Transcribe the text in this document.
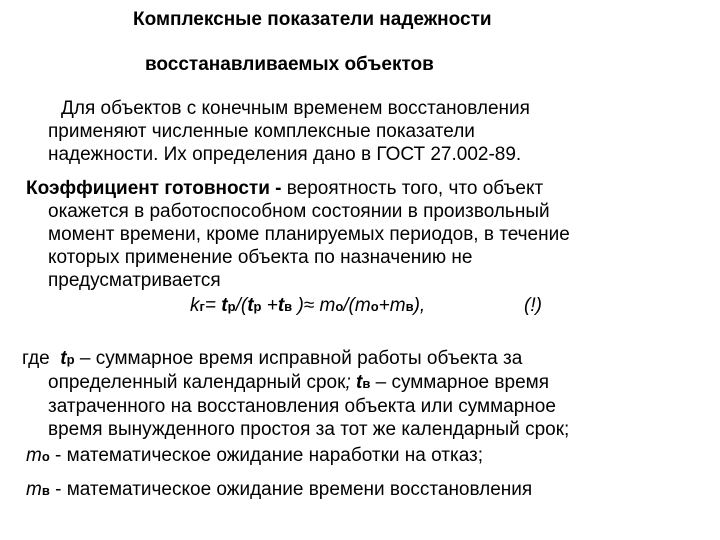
Комплексные показатели надежности
восстанавливаемых объектов
Для объектов с конечным временем восстановления
применяют численные комплексные показатели
надежности. Их определения дано в ГОСТ 27.002-89.
Коэффициент готовности - вероятность того, что объект
окажется в работоспособном состоянии в произвольный
момент времени, кроме планируемых периодов, в течение
которых применение объекта по назначению не
предусматривается
kг= tр/(tр +tв )≈ mо/(mо+mв),	(!)
где tр – суммарное время исправной работы объекта за
определенный календарный срок; tв – суммарное время
затраченного на восстановления объекта или суммарное
время вынужденного простоя за тот же календарный срок;
mо - математическое ожидание наработки на отказ;
mв - математическое ожидание времени восстановления
